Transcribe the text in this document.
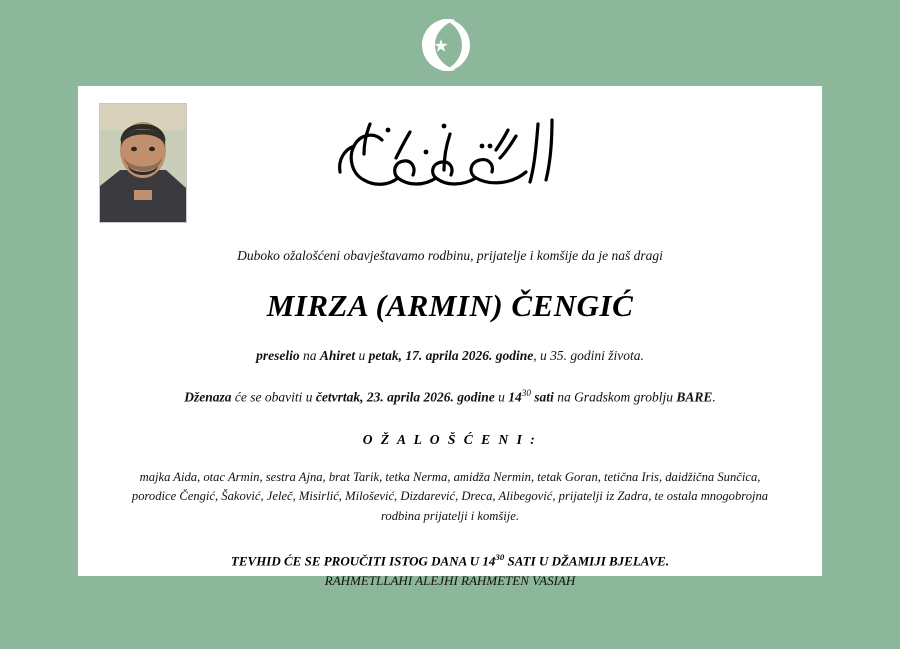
Duboko ožalošćeni obavještavamo rodbinu, prijatelje i komšije da je naš dragi
MIRZA (ARMIN) ČENGIĆ
preselio na Ahiret u petak, 17. aprila 2026. godine, u 35. godini života.
Dženaza će se obaviti u četvrtak, 23. aprila 2026. godine u $14^{30}$ sati na Gradskom groblju BARE.
O Ž A L O Š Ć E N I :
majka Aida, otac Armin, sestra Ajna, brat Tarik, tetka Nerma, amidža Nermin, tetak Goran, tetična Iris, daidžična Sunčica, porodice Čengić, Šaković, Jeleč, Misirlić, Milošević, Dizdarević, Dreca, Alibegović, prijatelji iz Zadra, te ostala mnogobrojna rodbina prijatelji i komšije.
TEVHID ĆE SE PROUČITI ISTOG DANA U $14^{30}$ SATI U DŽAMIJI BJELAVE.
RAHMETLLAHI ALEJHI RAHMETEN VASIAH
